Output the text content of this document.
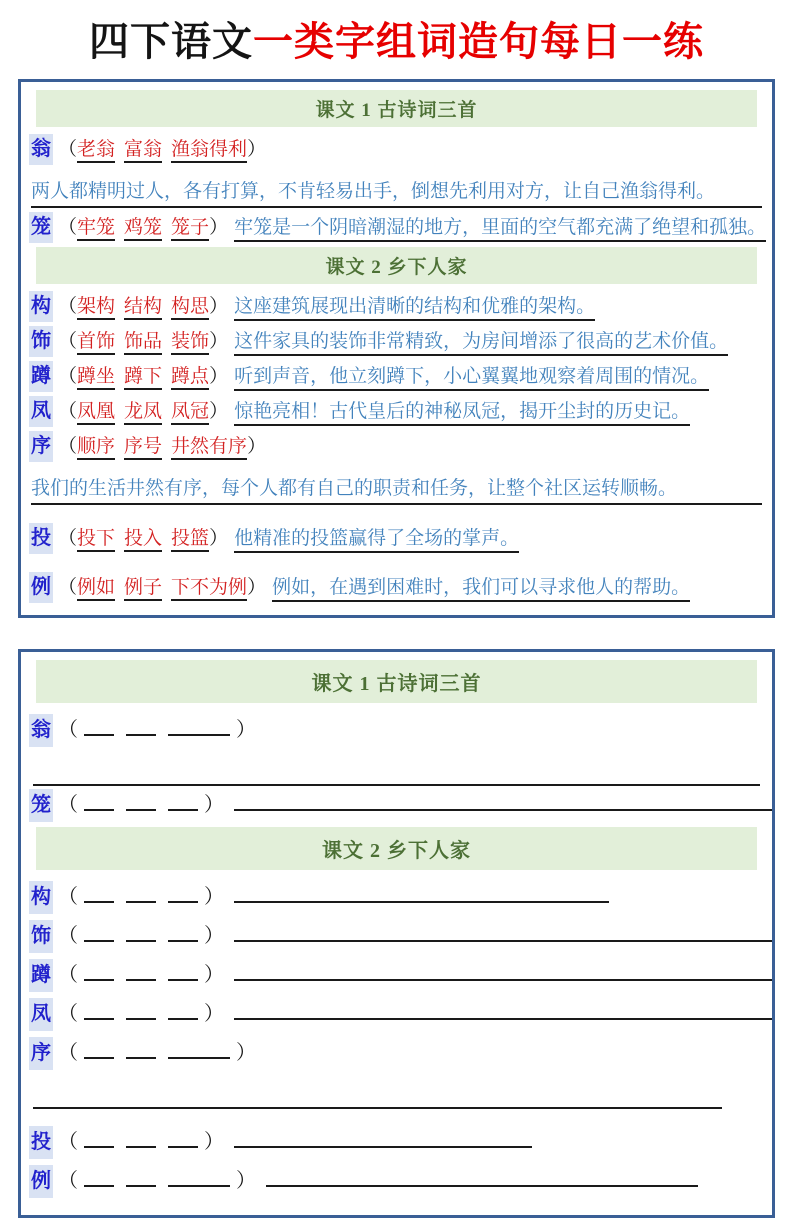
四下语文一类字组词造句每日一练
课文 1 古诗词三首
翁 （ 老翁 富翁 渔翁得利 ）
两人都精明过人，各有打算，不肯轻易出手，倒想先利用对方，让自己渔翁得利。
笼 （ 牢笼 鸡笼 笼子 ） 牢笼是一个阴暗潮湿的地方，里面的空气都充满了绝望和孤独。
课文 2 乡下人家
构 （ 架构 结构 构思 ） 这座建筑展现出清晰的结构和优雅的架构。
饰 （ 首饰 饰品 装饰 ） 这件家具的装饰非常精致，为房间增添了很高的艺术价值。
蹲 （ 蹲坐 蹲下 蹲点 ） 听到声音，他立刻蹲下，小心翼翼地观察着周围的情况。
凤 （ 凤凰 龙凤 凤冠 ） 惊艳亮相！古代皇后的神秘凤冠，揭开尘封的历史记。
序 （ 顺序 序号 井然有序 ）
我们的生活井然有序，每个人都有自己的职责和任务，让整个社区运转顺畅。
投 （ 投下 投入 投篮 ） 他精准的投篮赢得了全场的掌声。
例 （ 例如 例子 下不为例 ） 例如，在遇到困难时，我们可以寻求他人的帮助。
课文 1 古诗词三首
翁（  ）
笼（  ）
课文 2 乡下人家
构（  ）
饰（  ）
蹲（  ）
凤（  ）
序（  ）
投（  ）
例（  ）
